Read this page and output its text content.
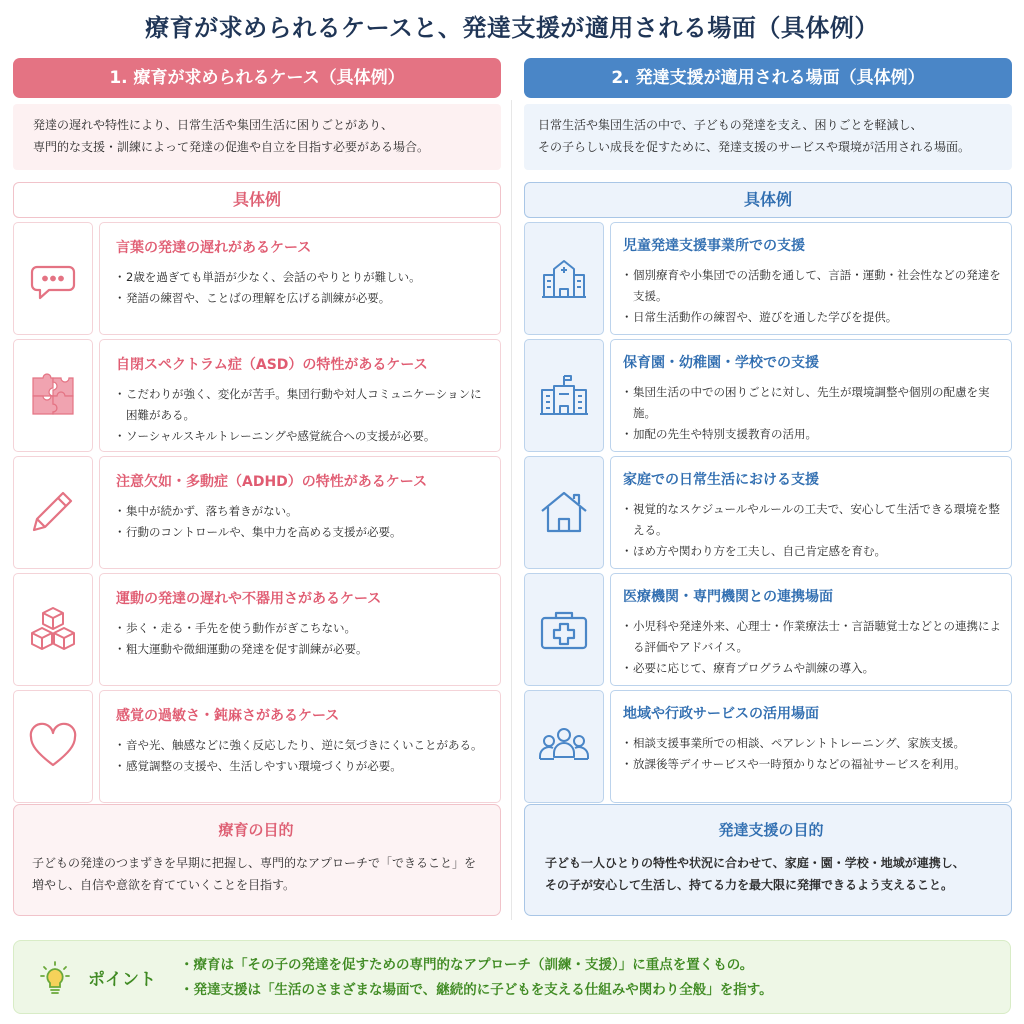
療育が求められるケースと、発達支援が適用される場面（具体例）
1. 療育が求められるケース（具体例）
発達の遅れや特性により、日常生活や集団生活に困りごとがあり、
専門的な支援・訓練によって発達の促進や自立を目指す必要がある場合。
具体例
言葉の発達の遅れがあるケース
・ 2歳を過ぎても単語が少なく、会話のやりとりが難しい。
・ 発語の練習や、ことばの理解を広げる訓練が必要。
自閉スペクトラム症（ASD）の特性があるケース
・ こだわりが強く、変化が苦手。集団行動や対人コミュニケーションに困難がある。
・ ソーシャルスキルトレーニングや感覚統合への支援が必要。
注意欠如・多動症（ADHD）の特性があるケース
・ 集中が続かず、落ち着きがない。
・ 行動のコントロールや、集中力を高める支援が必要。
運動の発達の遅れや不器用さがあるケース
・ 歩く・走る・手先を使う動作がぎこちない。
・ 粗大運動や微細運動の発達を促す訓練が必要。
感覚の過敏さ・鈍麻さがあるケース
・ 音や光、触感などに強く反応したり、逆に気づきにくいことがある。
・ 感覚調整の支援や、生活しやすい環境づくりが必要。
2. 発達支援が適用される場面（具体例）
日常生活や集団生活の中で、子どもの発達を支え、困りごとを軽減し、
その子らしい成長を促すために、発達支援のサービスや環境が活用される場面。
具体例
児童発達支援事業所での支援
・ 個別療育や小集団での活動を通して、言語・運動・社会性などの発達を支援。
・ 日常生活動作の練習や、遊びを通した学びを提供。
保育園・幼稚園・学校での支援
・ 集団生活の中での困りごとに対し、先生が環境調整や個別の配慮を実施。
・ 加配の先生や特別支援教育の活用。
家庭での日常生活における支援
・ 視覚的なスケジュールやルールの工夫で、安心して生活できる環境を整える。
・ ほめ方や関わり方を工夫し、自己肯定感を育む。
医療機関・専門機関との連携場面
・ 小児科や発達外来、心理士・作業療法士・言語聴覚士などとの連携による評価やアドバイス。
・ 必要に応じて、療育プログラムや訓練の導入。
地域や行政サービスの活用場面
・ 相談支援事業所での相談、ペアレントトレーニング、家族支援。
・ 放課後等デイサービスや一時預かりなどの福祉サービスを利用。
療育の目的
子どもの発達のつまずきを早期に把握し、専門的なアプローチで「できること」を
増やし、自信や意欲を育てていくことを目指す。
発達支援の目的
子ども一人ひとりの特性や状況に合わせて、家庭・園・学校・地域が連携し、
その子が安心して生活し、持てる力を最大限に発揮できるよう支えること。
ポイント
・療育は「その子の発達を促すための専門的なアプローチ（訓練・支援）」に重点を置くもの。
・発達支援は「生活のさまざまな場面で、継続的に子どもを支える仕組みや関わり全般」を指す。
